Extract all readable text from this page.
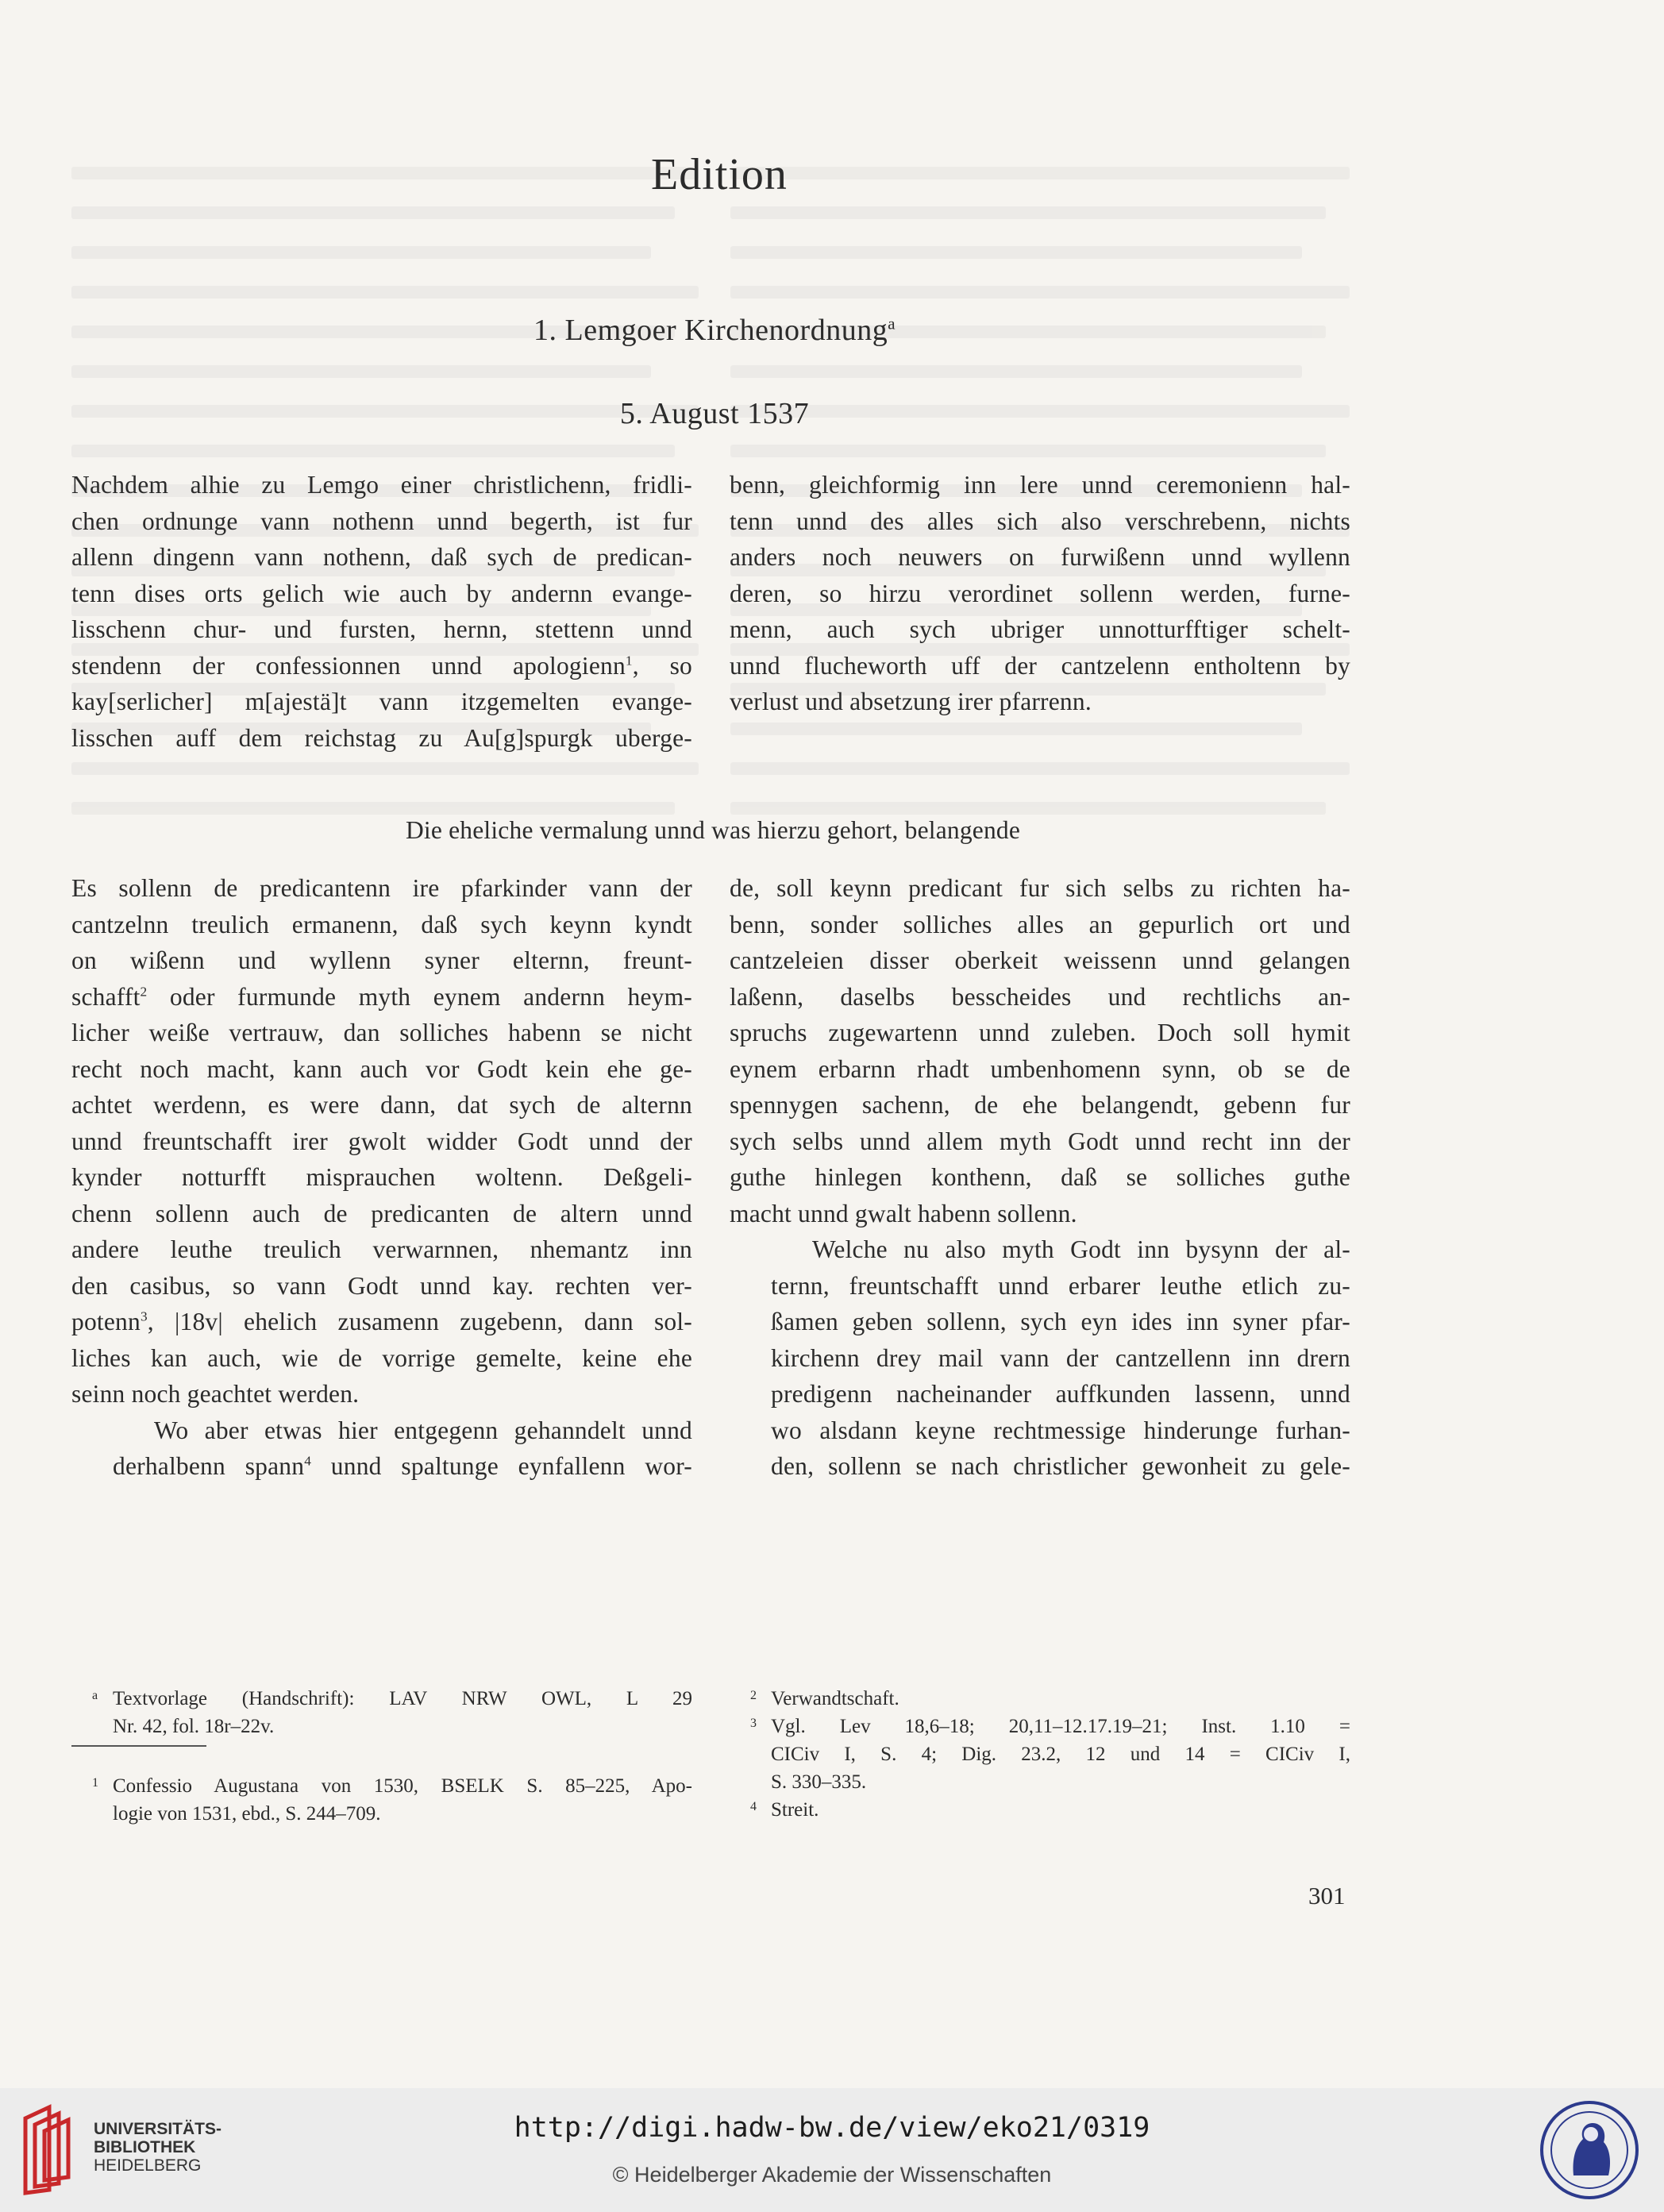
Edition
1. Lemgoer Kirchenordnung$^a$
5. August 1537

Nachdem alhie zu Lemgo einer christlichenn, fridli-
chen ordnunge vann nothenn unnd begerth, ist fur
allenn dingenn vann nothenn, daß sych de predican-
tenn dises orts gelich wie auch by andernn evange-
lisschenn chur- und fursten, hernn, stettenn unnd
stendenn der confessionnen unnd apologienn$^1$, so
kay[serlicher] m[ajestä]t vann itzgemelten evange-
lisschen auff dem reichstag zu Au[g]spurgk uberge-

benn, gleichformig inn lere unnd ceremonienn hal-
tenn unnd des alles sich also verschrebenn, nichts
anders noch neuwers on furwißenn unnd wyllenn
deren, so hirzu verordinet sollenn werden, furne-
menn, auch sych ubriger unnotturfftiger schelt-
unnd flucheworth uff der cantzelenn entholtenn by
verlust und absetzung irer pfarrenn.

Die eheliche vermalung unnd was hierzu gehort, belangende

Es sollenn de predicantenn ire pfarkinder vann der
cantzelnn treulich ermanenn, daß sych keynn kyndt
on wißenn und wyllenn syner elternn, freunt-
schafft$^2$ oder furmunde myth eynem andernn heym-
licher weiße vertrauw, dan solliches habenn se nicht
recht noch macht, kann auch vor Godt kein ehe ge-
achtet werdenn, es were dann, dat sych de alternn
unnd freuntschafft irer gwolt widder Godt unnd der
kynder notturfft misprauchen woltenn. Deßgeli-
chenn sollenn auch de predicanten de altern unnd
andere leuthe treulich verwarnnen, nhemantz inn
den casibus, so vann Godt unnd kay. rechten ver-
potenn$^3$, |18v| ehelich zusamenn zugebenn, dann sol-
liches kan auch, wie de vorrige gemelte, keine ehe
seinn noch geachtet werden.

Wo aber etwas hier entgegenn gehanndelt unnd
derhalbenn spann$^4$ unnd spaltunge eynfallenn wor-

de, soll keynn predicant fur sich selbs zu richten ha-
benn, sonder solliches alles an gepurlich ort und
cantzeleien disser oberkeit weissenn unnd gelangen
laßenn, daselbs besscheides und rechtlichs an-
spruchs zugewartenn unnd zuleben. Doch soll hymit
eynem erbarnn rhadt umbenhomenn synn, ob se de
spennygen sachenn, de ehe belangendt, gebenn fur
sych selbs unnd allem myth Godt unnd recht inn der
guthe hinlegen konthenn, daß se solliches guthe
macht unnd gwalt habenn sollenn.

Welche nu also myth Godt inn bysynn der al-
ternn, freuntschafft unnd erbarer leuthe etlich zu-
ßamen geben sollenn, sych eyn ides inn syner pfar-
kirchenn drey mail vann der cantzellenn inn drern
predigenn nacheinander auffkunden lassenn, unnd
wo alsdann keyne rechtmessige hinderunge furhan-
den, sollenn se nach christlicher gewonheit zu gele-

a Textvorlage (Handschrift): LAV NRW OWL, L 29
Nr. 42, fol. 18r–22v.
1 Confessio Augustana von 1530, BSELK S. 85–225, Apo-
logie von 1531, ebd., S. 244–709.
2 Verwandtschaft.
3 Vgl. Lev 18,6–18; 20,11–12.17.19–21; Inst. 1.10 =
CICiv I, S. 4; Dig. 23.2, 12 und 14 = CICiv I,
S. 330–335.
4 Streit.
301
UNIVERSITÄTS-
BIBLIOTHEK
HEIDELBERG
http://digi.hadw-bw.de/view/eko21/0319
© Heidelberger Akademie der Wissenschaften
